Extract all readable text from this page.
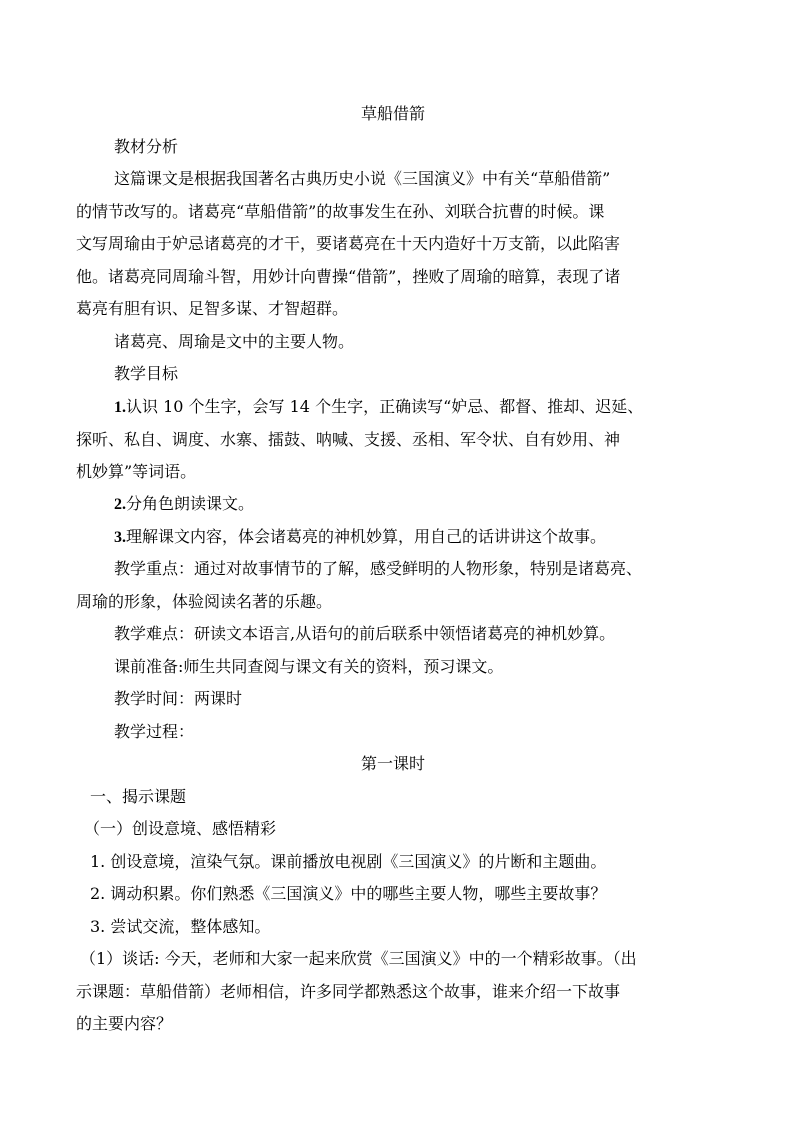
草船借箭
教材分析
这篇课文是根据我国著名古典历史小说《三国演义》中有关“草船借箭”
的情节改写的。诸葛亮“草船借箭”的故事发生在孙、刘联合抗曹的时候。课
文写周瑜由于妒忌诸葛亮的才干，要诸葛亮在十天内造好十万支箭，以此陷害
他。诸葛亮同周瑜斗智，用妙计向曹操“借箭”，挫败了周瑜的暗算，表现了诸
葛亮有胆有识、足智多谋、才智超群。
诸葛亮、周瑜是文中的主要人物。
教学目标
1.认识 10 个生字，会写 14 个生字，正确读写“妒忌、都督、推却、迟延、
探听、私自、调度、水寨、擂鼓、呐喊、支援、丞相、军令状、自有妙用、神
机妙算”等词语。
2.分角色朗读课文。
3.理解课文内容，体会诸葛亮的神机妙算，用自己的话讲讲这个故事。
教学重点：通过对故事情节的了解，感受鲜明的人物形象，特别是诸葛亮、
周瑜的形象，体验阅读名著的乐趣。
教学难点：研读文本语言,从语句的前后联系中领悟诸葛亮的神机妙算。
课前准备:师生共同查阅与课文有关的资料，预习课文。
教学时间：两课时
教学过程：
第一课时
一、揭示课题
（一）创设意境、感悟精彩
1. 创设意境，渲染气氛。课前播放电视剧《三国演义》的片断和主题曲。
2. 调动积累。你们熟悉《三国演义》中的哪些主要人物，哪些主要故事？
3. 尝试交流，整体感知。
（1）谈话: 今天，老师和大家一起来欣赏《三国演义》中的一个精彩故事。（出
示课题：草船借箭）老师相信，许多同学都熟悉这个故事，谁来介绍一下故事
的主要内容？
